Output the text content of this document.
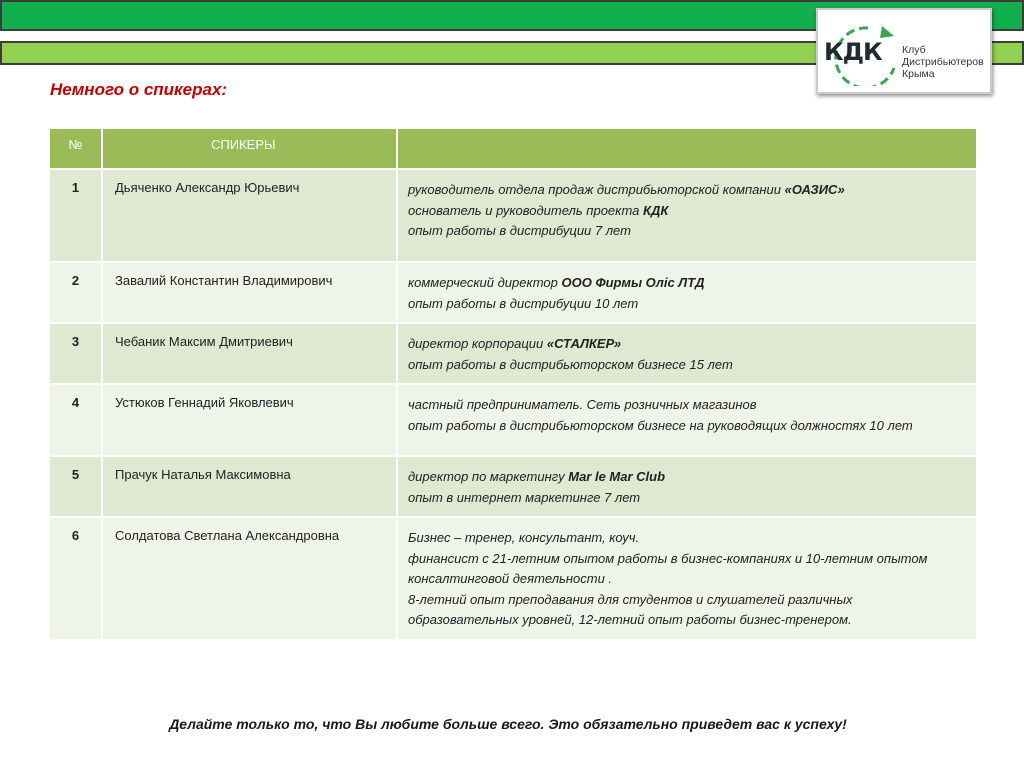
КДК Клуб
Дистрибьютеров
Крыма
Немного о спикерах:
№	СПИКЕРЫ	
1	Дьяченко Александр Юрьевич	руководитель отдела продаж дистрибьюторской компании «ОАЗИС»
основатель и руководитель проекта КДК
опыт работы в дистрибуции 7 лет

2	Завалий Константин Владимирович	коммерческий директор ООО Фирмы Оліс ЛТД
опыт работы в дистрибуции 10 лет

3	Чебаник Максим Дмитриевич	директор корпорации «СТАЛКЕР»
опыт работы в дистрибьюторском бизнесе 15 лет

4	Устюков Геннадий Яковлевич	частный предприниматель. Сеть розничных магазинов
опыт работы в дистрибьюторском бизнесе на руководящих должностях 10 лет

5	Прачук Наталья Максимовна	директор по маркетингу Mar le Mar Club
опыт в интернет маркетинге 7 лет

6	Солдатова Светлана Александровна	Бизнес – тренер, консультант, коуч.
финансист с 21-летним опытом работы в бизнес-компаниях и 10-летним опытом консалтинговой деятельности .
8-летний опыт преподавания для студентов и слушателей различных образовательных уровней, 12-летний опыт работы бизнес-тренером.
Делайте только то, что Вы любите больше всего. Это обязательно приведет вас к успеху!
